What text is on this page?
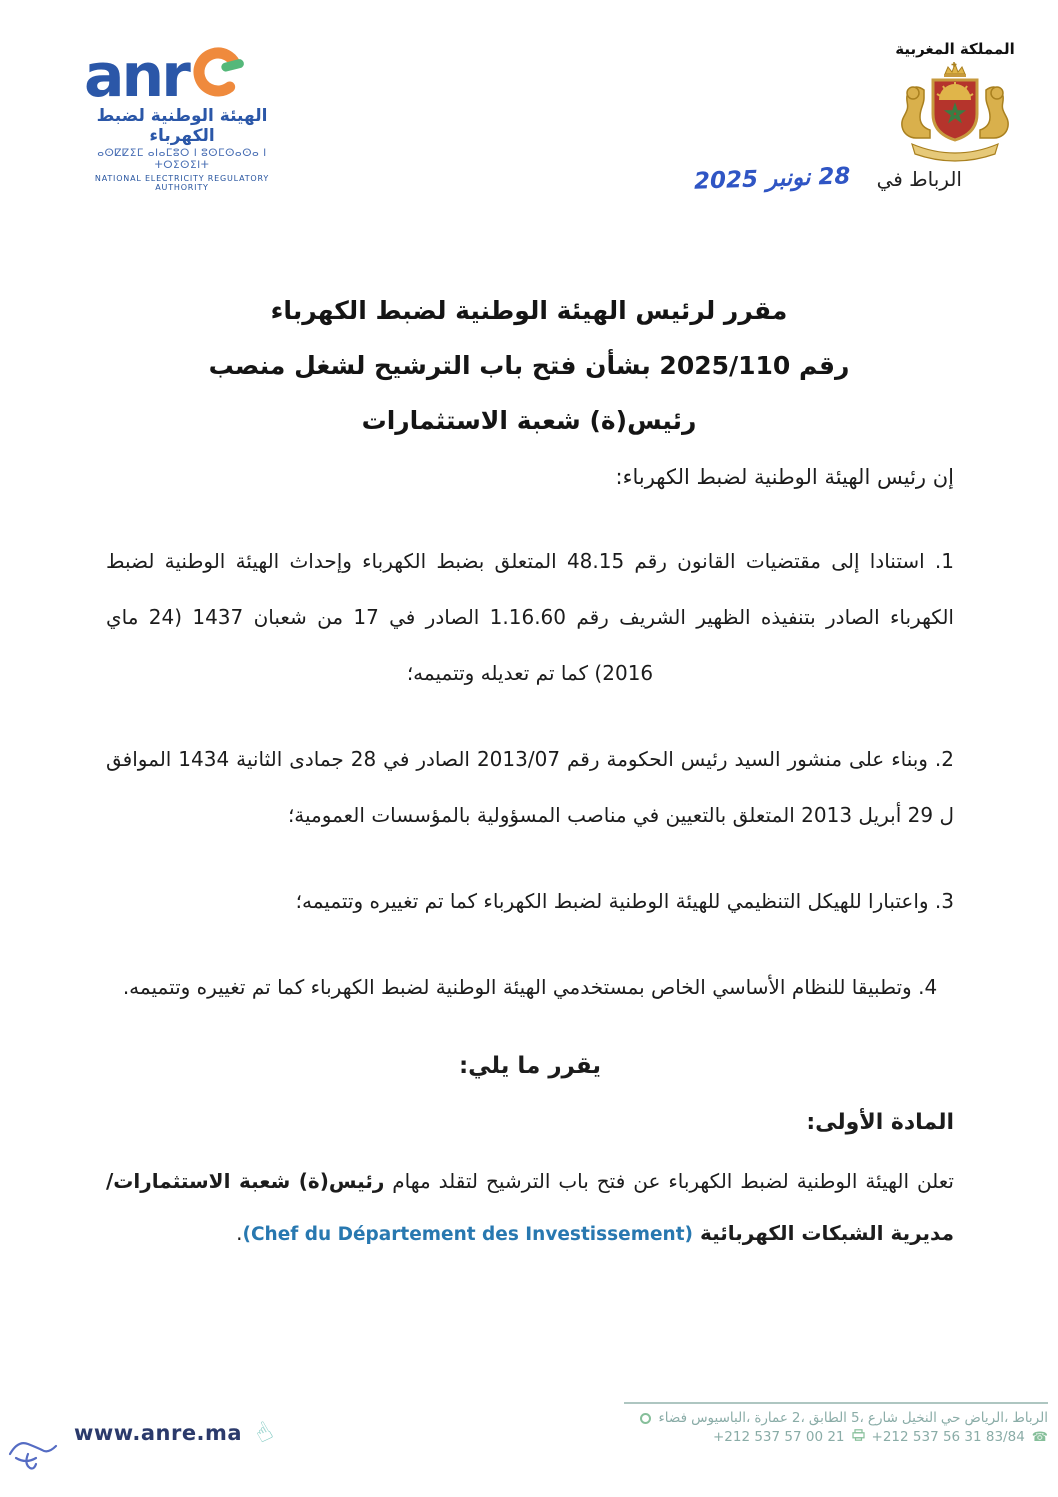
anr
الهيئة الوطنية لضبط الكهرباء
ⴰⵙⵇⵇⵉⵎ ⴰⵏⴰⵎⵓⵔ ⵏ ⵓⵙⵎⵙⴰⵙⴰ ⵏ ⵜⵔⵉⵙⵉⵏⵜ
NATIONAL ELECTRICITY REGULATORY AUTHORITY
المملكة المغربية
الرباط في
28 نونبر 2025
مقرر لرئيس الهيئة الوطنية لضبط الكهرباء
رقم 2025/110 بشأن فتح باب الترشيح لشغل منصب
رئيس(ة) شعبة الاستثمارات

إن رئيس الهيئة الوطنية لضبط الكهرباء:

1. استنادا إلى مقتضيات القانون رقم 48.15 المتعلق بضبط الكهرباء وإحداث الهيئة الوطنية لضبط الكهرباء الصادر بتنفيذه الظهير الشريف رقم 1.16.60 الصادر في 17 من شعبان 1437 (24 ماي 2016) كما تم تعديله وتتميمه؛

2. وبناء على منشور السيد رئيس الحكومة رقم 2013/07 الصادر في 28 جمادى الثانية 1434 الموافق ل 29 أبريل 2013 المتعلق بالتعيين في مناصب المسؤولية بالمؤسسات العمومية؛

3. واعتبارا للهيكل التنظيمي للهيئة الوطنية لضبط الكهرباء كما تم تغييره وتتميمه؛

4. وتطبيقا للنظام الأساسي الخاص بمستخدمي الهيئة الوطنية لضبط الكهرباء كما تم تغييره وتتميمه.

يقرر ما يلي:

المادة الأولى:

تعلن الهيئة الوطنية لضبط الكهرباء عن فتح باب الترشيح لتقلد مهام رئيس(ة) شعبة الاستثمارات/مديرية الشبكات الكهربائية (Chef du Département des Investissement).

www.anre.ma ☝	فضاء الباسيوس، عمارة 2، الطابق 5، شارع النخيل حي الرياض، الرباط
+212 537 57 00 21 +212 537 56 31 83/84 ☎
